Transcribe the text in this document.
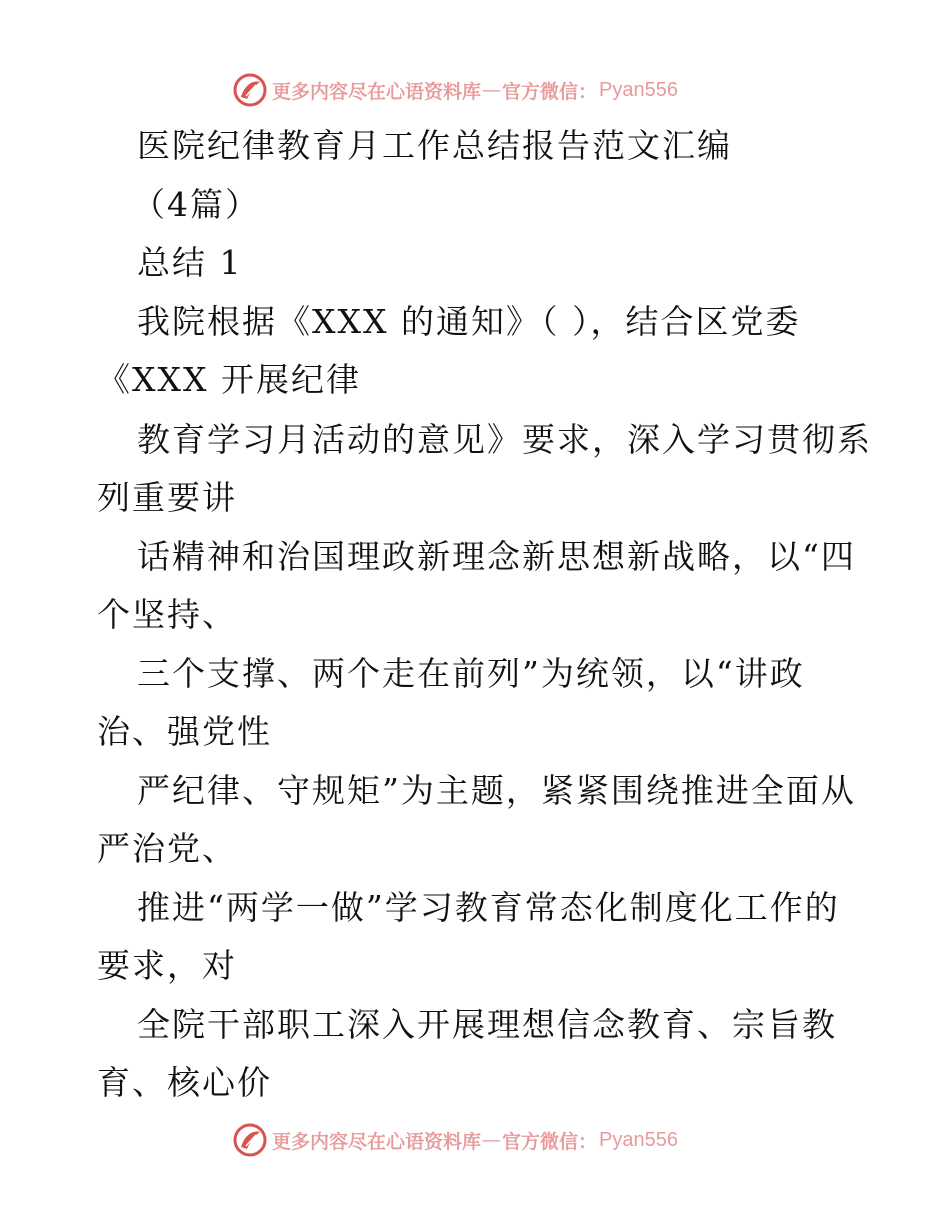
更多内容尽在心语资料库 — 官方微信： Pyan556
医院纪律教育月工作总结报告范文汇编
（4篇）
总结 1
我院根据《XXX 的通知》（ ），结合区党委
《XXX 开展纪律
教育学习月活动的意见》要求，深入学习贯彻系
列重要讲
话精神和治国理政新理念新思想新战略，以“四
个坚持、
三个支撑、两个走在前列”为统领，以“讲政
治、强党性
严纪律、守规矩”为主题，紧紧围绕推进全面从
严治党、
推进“两学一做”学习教育常态化制度化工作的
要求，对
全院干部职工深入开展理想信念教育、宗旨教
育、核心价
更多内容尽在心语资料库 — 官方微信： Pyan556
